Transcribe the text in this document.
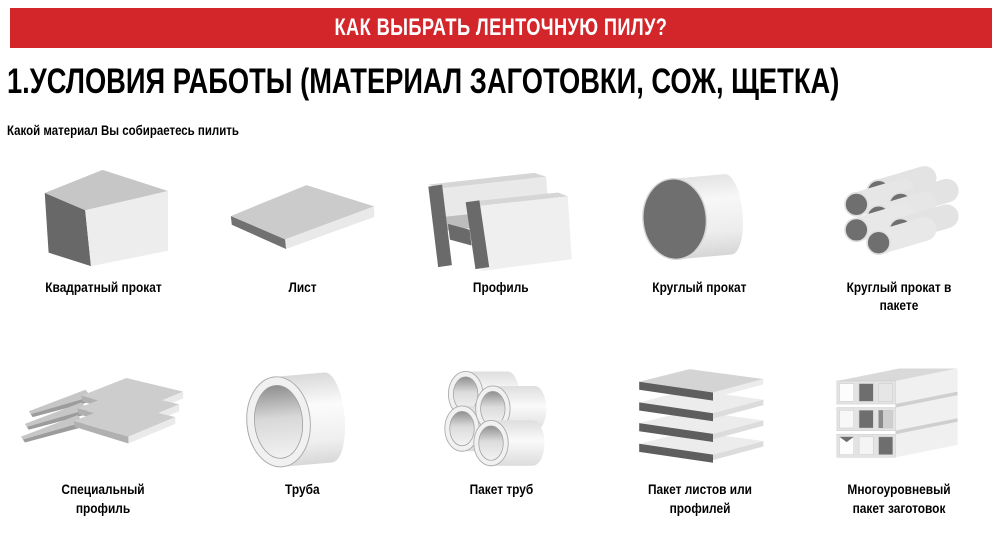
КАК ВЫБРАТЬ ЛЕНТОЧНУЮ ПИЛУ?
1. УСЛОВИЯ РАБОТЫ (МАТЕРИАЛ ЗАГОТОВКИ, СОЖ, ЩЕТКА)
Какой материал Вы собираетесь пилить
Квадратный прокат	Лист	Профиль	Круглый прокат	Круглый прокат в пакете
Специальный профиль
Труба	Пакет труб	Пакет листов или профилей
Многоуровневый пакет заготовок
